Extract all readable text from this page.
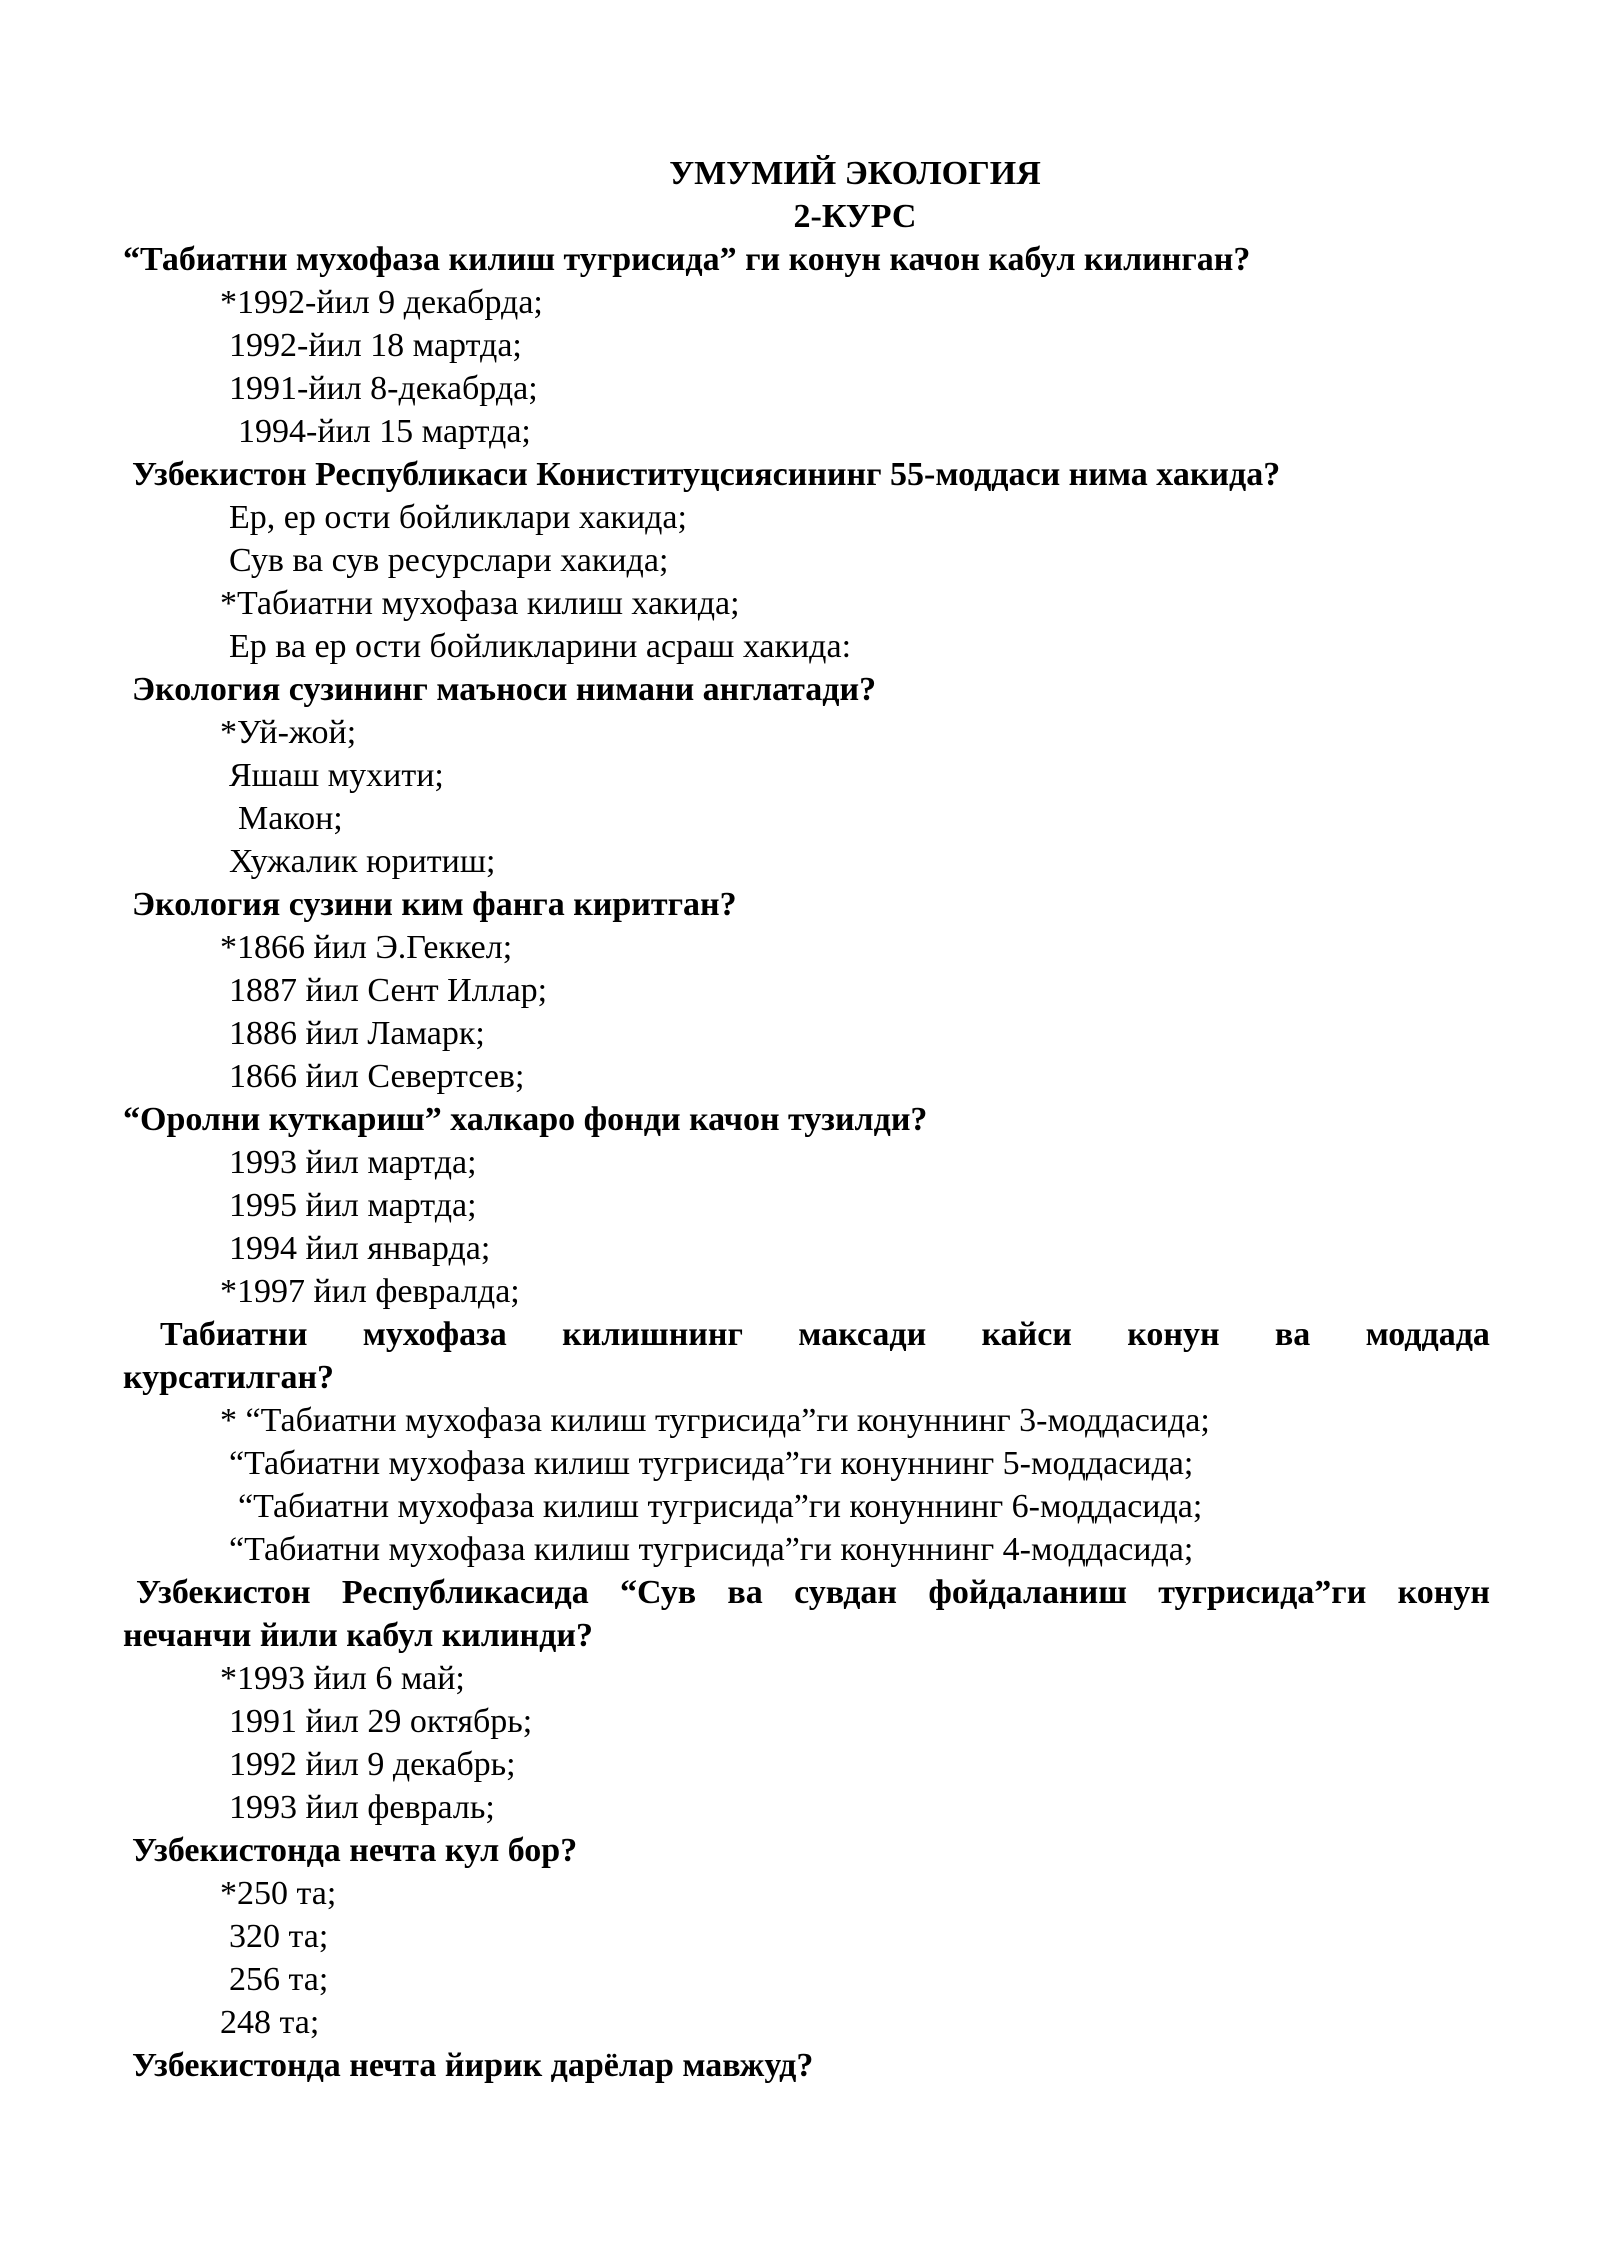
УМУМИЙ ЭКОЛОГИЯ
2-КУРС
“Табиатни мухофаза килиш тугрисида” ги конун качон кабул килинган?
*1992-йил 9 декабрда;
1992-йил 18 мартда;
1991-йил 8-декабрда;
1994-йил 15 мартда;
Узбекистон Республикаси Кониституцсиясининг 55-моддаси нима хакида?
Ер, ер ости бойликлари хакида;
Сув ва сув ресурслари хакида;
*Табиатни мухофаза килиш хакида;
Ер ва ер ости бойликларини асраш хакида:
Экология сузининг маъноси нимани англатади?
*Уй-жой;
Яшаш мухити;
Макон;
Хужалик юритиш;
Экология сузини ким фанга киритган?
*1866 йил Э.Геккел;
1887 йил Сент Иллар;
1886 йил Ламарк;
1866 йил Севертсев;
“Оролни куткариш” халкаро фонди качон тузилди?
1993 йил мартда;
1995 йил мартда;
1994 йил январда;
*1997 йил февралда;
Табиатни мухофаза килишнинг максади кайси конун ва моддада
курсатилган?
* “Табиатни мухофаза килиш тугрисида”ги конуннинг 3-моддасида;
“Табиатни мухофаза килиш тугрисида”ги конуннинг 5-моддасида;
“Табиатни мухофаза килиш тугрисида”ги конуннинг 6-моддасида;
“Табиатни мухофаза килиш тугрисида”ги конуннинг 4-моддасида;
Узбекистон Республикасида “Сув ва сувдан фойдаланиш тугрисида”ги конун
нечанчи йили кабул килинди?
*1993 йил 6 май;
1991 йил 29 октябрь;
1992 йил 9 декабрь;
1993 йил февраль;
Узбекистонда нечта кул бор?
*250 та;
320 та;
256 та;
248 та;
Узбекистонда нечта йирик дарёлар мавжуд?
